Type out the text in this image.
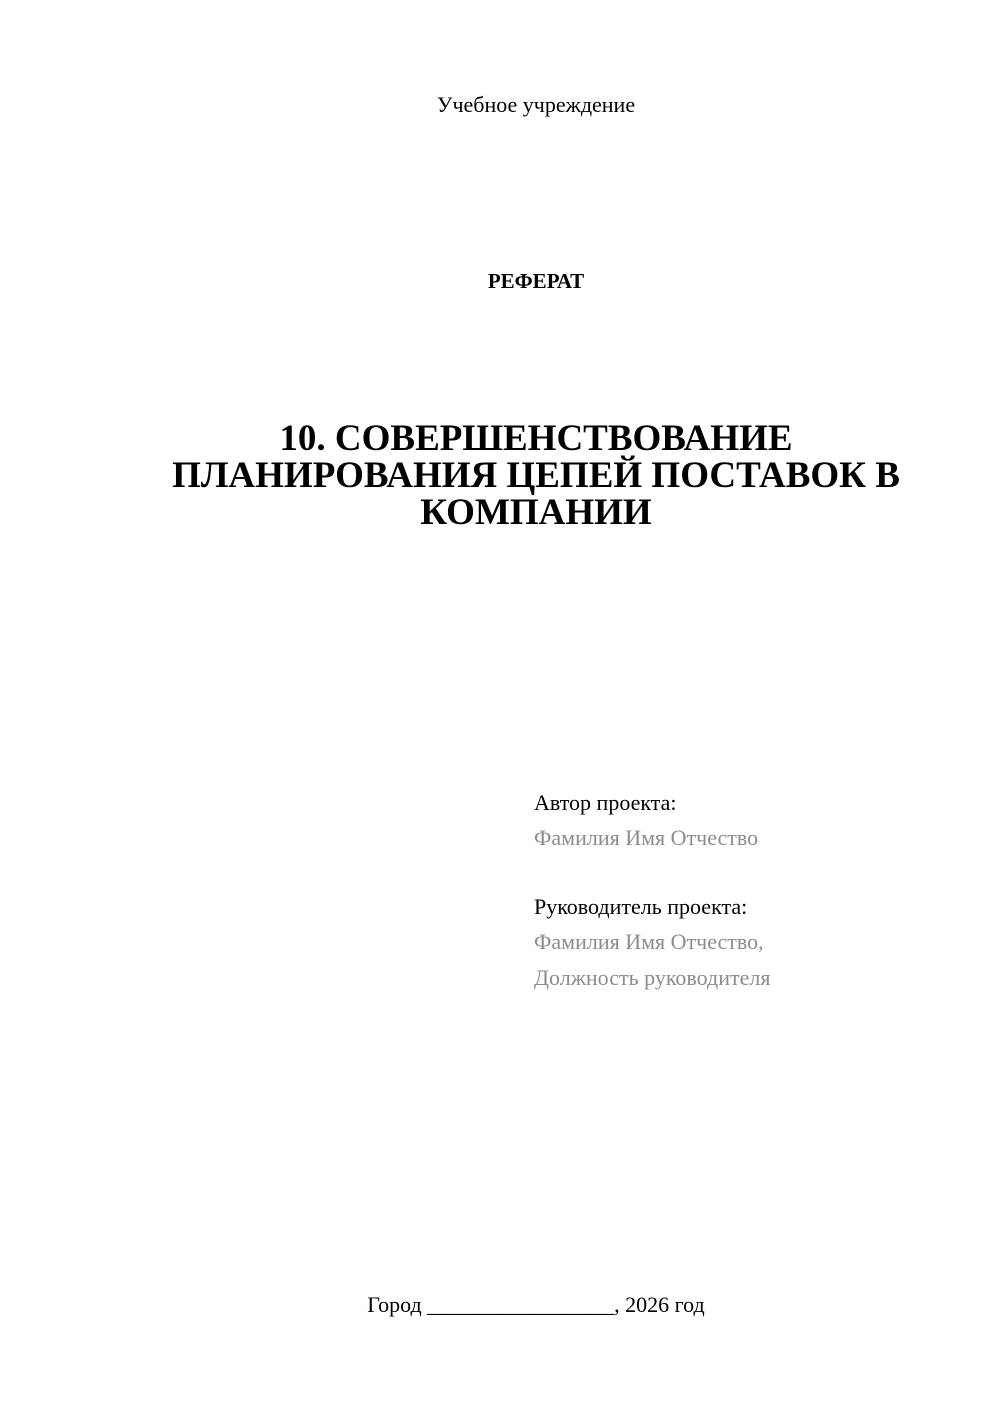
Учебное учреждение
РЕФЕРАТ
10. СОВЕРШЕНСТВОВАНИЕ
ПЛАНИРОВАНИЯ ЦЕПЕЙ ПОСТАВОК В
КОМПАНИИ
Автор проекта:
Фамилия Имя Отчество
Руководитель проекта:
Фамилия Имя Отчество,
Должность руководителя
Город _________________, 2026 год
